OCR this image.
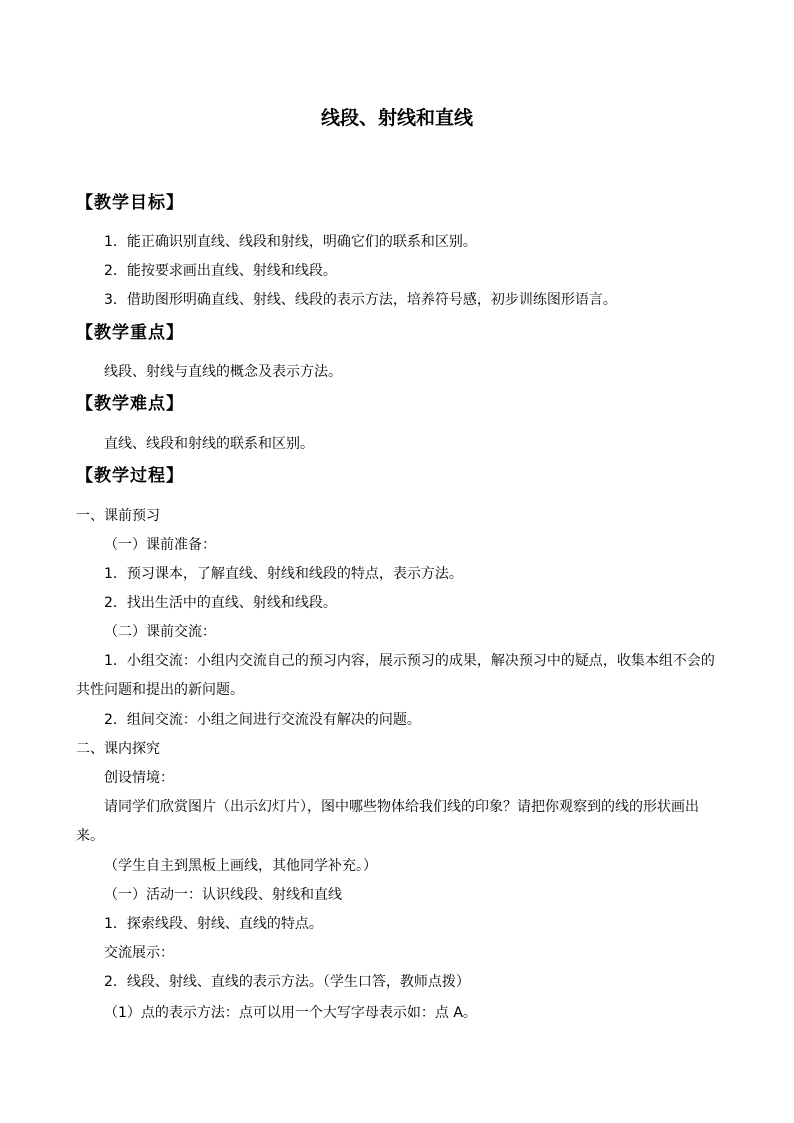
线段、射线和直线
【教学目标】
1．能正确识别直线、线段和射线，明确它们的联系和区别。
2．能按要求画出直线、射线和线段。
3．借助图形明确直线、射线、线段的表示方法，培养符号感，初步训练图形语言。
【教学重点】
线段、射线与直线的概念及表示方法。
【教学难点】
直线、线段和射线的联系和区别。
【教学过程】
一、课前预习
（一）课前准备：
1．预习课本，了解直线、射线和线段的特点，表示方法。
2．找出生活中的直线、射线和线段。
（二）课前交流：
1．小组交流：小组内交流自己的预习内容，展示预习的成果，解决预习中的疑点，收集本组不会的共性问题和提出的新问题。
2．组间交流：小组之间进行交流没有解决的问题。
二、课内探究
创设情境：
请同学们欣赏图片（出示幻灯片），图中哪些物体给我们线的印象？请把你观察到的线的形状画出来。
（学生自主到黑板上画线，其他同学补充。）
（一）活动一：认识线段、射线和直线
1．探索线段、射线、直线的特点。
交流展示：
2．线段、射线、直线的表示方法。（学生口答，教师点拨）
（1）点的表示方法：点可以用一个大写字母表示如：点 A。
